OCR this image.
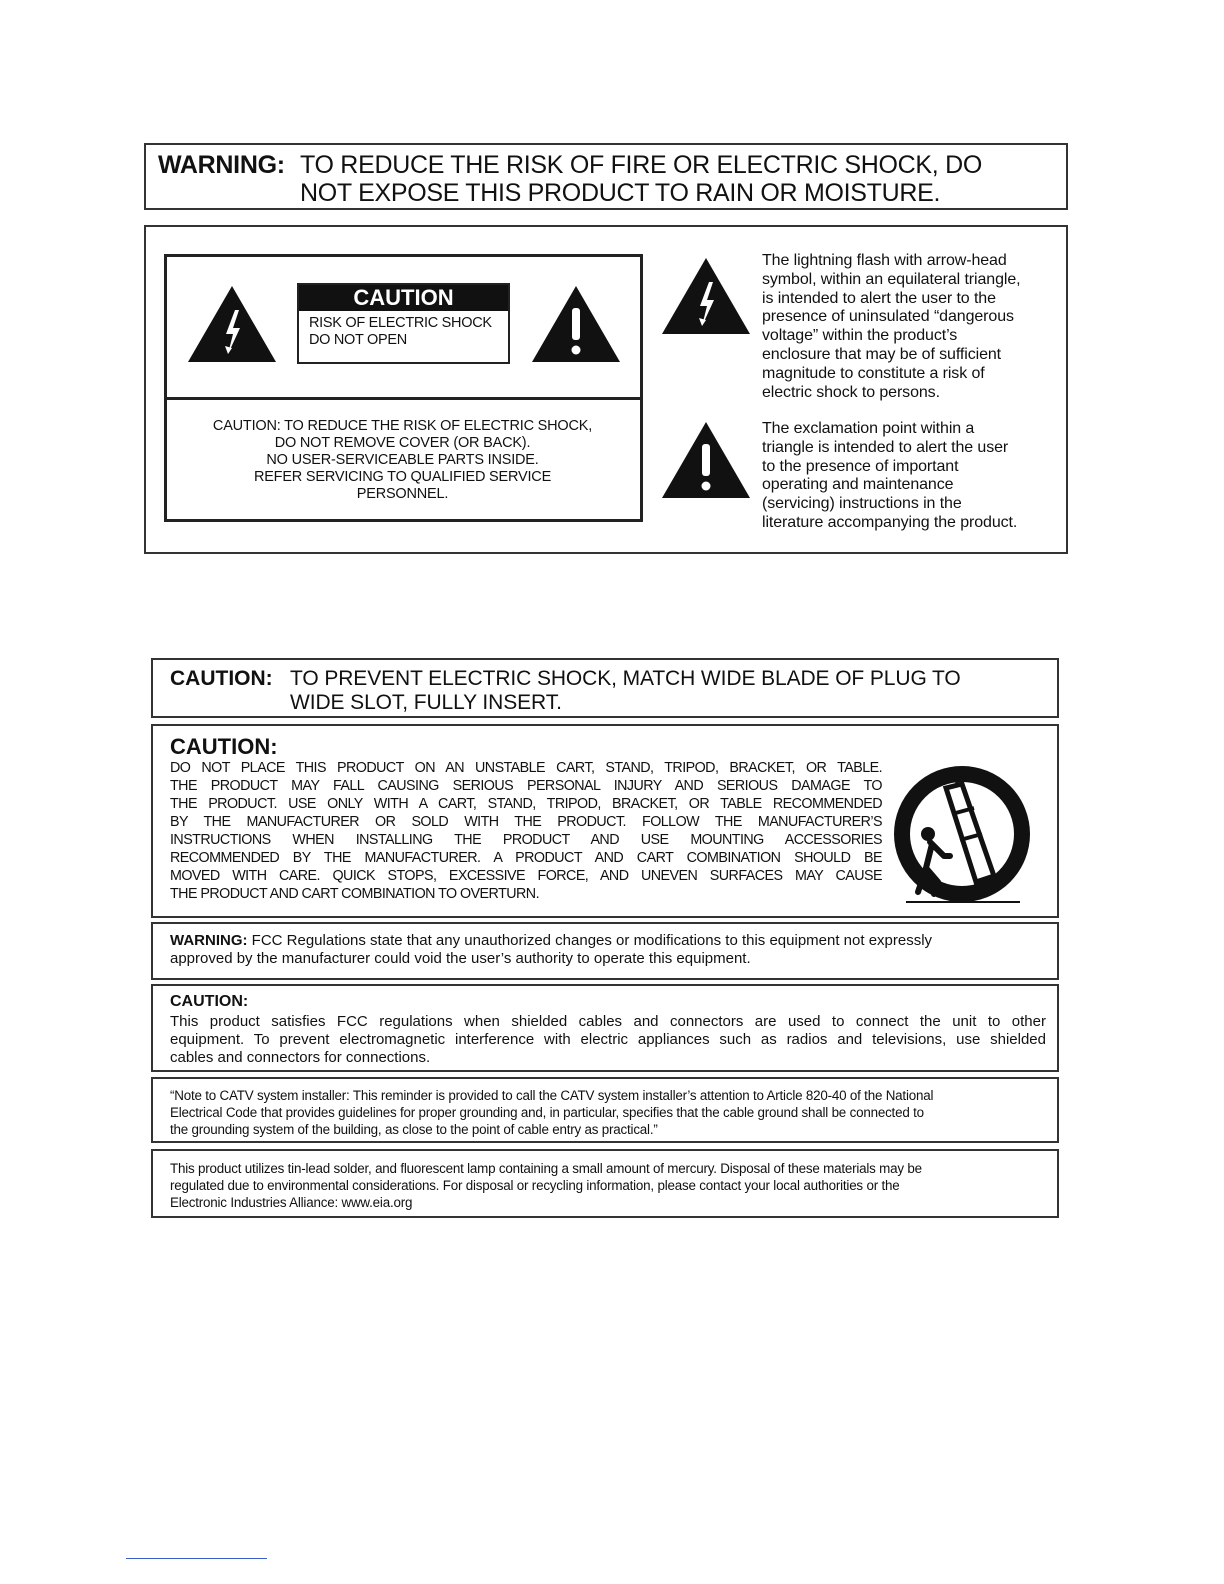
WARNING: TO REDUCE THE RISK OF FIRE OR ELECTRIC SHOCK, DO
NOT EXPOSE THIS PRODUCT TO RAIN OR MOISTURE.
CAUTION
RISK OF ELECTRIC SHOCK
DO NOT OPEN
CAUTION: TO REDUCE THE RISK OF ELECTRIC SHOCK,
DO NOT REMOVE COVER (OR BACK).
NO USER-SERVICEABLE PARTS INSIDE.
REFER SERVICING TO QUALIFIED SERVICE
PERSONNEL.
The lightning flash with arrow-head
symbol, within an equilateral triangle,
is intended to alert the user to the
presence of uninsulated “dangerous
voltage” within the product’s
enclosure that may be of sufficient
magnitude to constitute a risk of
electric shock to persons.
The exclamation point within a
triangle is intended to alert the user
to the presence of important
operating and maintenance
(servicing) instructions in the
literature accompanying the product.
CAUTION: TO PREVENT ELECTRIC SHOCK, MATCH WIDE BLADE OF PLUG TO
WIDE SLOT, FULLY INSERT.
CAUTION:
DO NOT PLACE THIS PRODUCT ON AN UNSTABLE CART, STAND, TRIPOD, BRACKET, OR TABLE.
THE PRODUCT MAY FALL CAUSING SERIOUS PERSONAL INJURY AND SERIOUS DAMAGE TO
THE PRODUCT. USE ONLY WITH A CART, STAND, TRIPOD, BRACKET, OR TABLE RECOMMENDED
BY THE MANUFACTURER OR SOLD WITH THE PRODUCT. FOLLOW THE MANUFACTURER’S
INSTRUCTIONS WHEN INSTALLING THE PRODUCT AND USE MOUNTING ACCESSORIES
RECOMMENDED BY THE MANUFACTURER. A PRODUCT AND CART COMBINATION SHOULD BE
MOVED WITH CARE. QUICK STOPS, EXCESSIVE FORCE, AND UNEVEN SURFACES MAY CAUSE
THE PRODUCT AND CART COMBINATION TO OVERTURN.
WARNING: FCC Regulations state that any unauthorized changes or modifications to this equipment not expressly
approved by the manufacturer could void the user’s authority to operate this equipment.
CAUTION:
This product satisfies FCC regulations when shielded cables and connectors are used to connect the unit to other
equipment. To prevent electromagnetic interference with electric appliances such as radios and televisions, use shielded
cables and connectors for connections.
“Note to CATV system installer: This reminder is provided to call the CATV system installer’s attention to Article 820-40 of the National
Electrical Code that provides guidelines for proper grounding and, in particular, specifies that the cable ground shall be connected to
the grounding system of the building, as close to the point of cable entry as practical.”
This product utilizes tin-lead solder, and fluorescent lamp containing a small amount of mercury. Disposal of these materials may be
regulated due to environmental considerations. For disposal or recycling information, please contact your local authorities or the
Electronic Industries Alliance: www.eia.org
